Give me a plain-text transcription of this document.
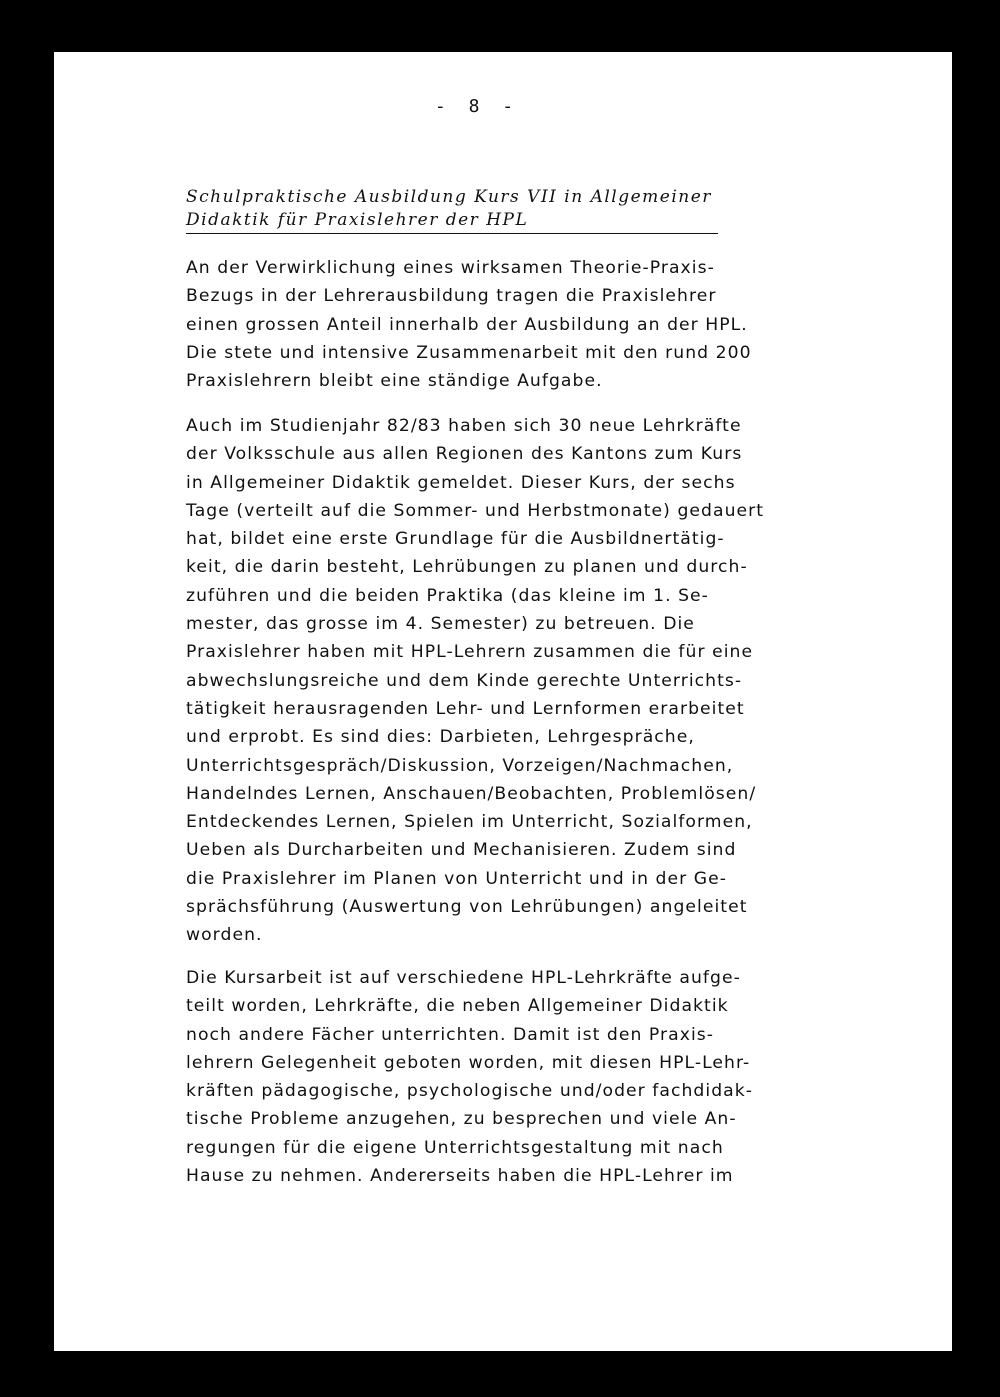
- 8 -
Schulpraktische Ausbildung Kurs VII in Allgemeiner
Didaktik für Praxislehrer der HPL
An der Verwirklichung eines wirksamen Theorie-Praxis-
Bezugs in der Lehrerausbildung tragen die Praxislehrer
einen grossen Anteil innerhalb der Ausbildung an der HPL.
Die stete und intensive Zusammenarbeit mit den rund 200
Praxislehrern bleibt eine ständige Aufgabe.
Auch im Studienjahr 82/83 haben sich 30 neue Lehrkräfte
der Volksschule aus allen Regionen des Kantons zum Kurs
in Allgemeiner Didaktik gemeldet. Dieser Kurs, der sechs
Tage (verteilt auf die Sommer- und Herbstmonate) gedauert
hat, bildet eine erste Grundlage für die Ausbildnertätig-
keit, die darin besteht, Lehrübungen zu planen und durch-
zuführen und die beiden Praktika (das kleine im 1. Se-
mester, das grosse im 4. Semester) zu betreuen. Die
Praxislehrer haben mit HPL-Lehrern zusammen die für eine
abwechslungsreiche und dem Kinde gerechte Unterrichts-
tätigkeit herausragenden Lehr- und Lernformen erarbeitet
und erprobt. Es sind dies: Darbieten, Lehrgespräche,
Unterrichtsgespräch/Diskussion, Vorzeigen/Nachmachen,
Handelndes Lernen, Anschauen/Beobachten, Problemlösen/
Entdeckendes Lernen, Spielen im Unterricht, Sozialformen,
Ueben als Durcharbeiten und Mechanisieren. Zudem sind
die Praxislehrer im Planen von Unterricht und in der Ge-
sprächsführung (Auswertung von Lehrübungen) angeleitet
worden.
Die Kursarbeit ist auf verschiedene HPL-Lehrkräfte aufge-
teilt worden, Lehrkräfte, die neben Allgemeiner Didaktik
noch andere Fächer unterrichten. Damit ist den Praxis-
lehrern Gelegenheit geboten worden, mit diesen HPL-Lehr-
kräften pädagogische, psychologische und/oder fachdidak-
tische Probleme anzugehen, zu besprechen und viele An-
regungen für die eigene Unterrichtsgestaltung mit nach
Hause zu nehmen. Andererseits haben die HPL-Lehrer im
